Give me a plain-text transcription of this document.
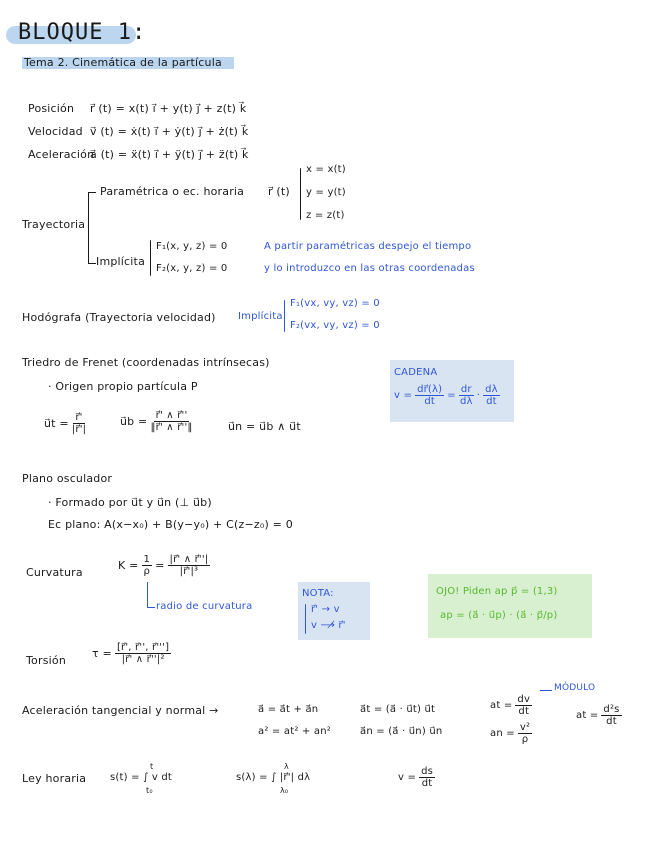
BLOQUE 1:
Tema 2. Cinemática de la partícula
Posición r⃗ (t) = x(t) i⃗ + y(t) j⃗ + z(t) k⃗
Velocidad v⃗ (t) = ẋ(t) i⃗ + ẏ(t) j⃗ + ż(t) k⃗
Aceleración
a⃗ (t) = ẍ(t) i⃗ + ÿ(t) j⃗ + z̈(t) k⃗
Trayectoria
Paramétrica o ec. horaria r⃗ (t)
x = x(t)
y = y(t)
z = z(t)
Implícita
F₁(x, y, z) = 0
F₂(x, y, z) = 0
A partir paramétricas despejo el tiempo
y lo introduzco en las otras coordenadas
Hodógrafa (Trayectoria velocidad) Implícita
F₁(vx, vy, vz) = 0
F₂(vx, vy, vz) = 0
Triedro de Frenet (coordenadas intrínsecas)
· Origen propio partícula P
u⃗t = $\frac{r⃗'}{|r⃗'|}$	u⃗b = $\frac{r⃗' \wedge r⃗''}{‖r⃗' \wedge r⃗''‖}$	u⃗n = u⃗b ∧ u⃗t
CADENA
$v = \frac{dr⃗(\lambda)}{dt} = \frac{dr}{d\lambda} \cdot \frac{d\lambda}{dt}$
Plano osculador
· Formado por u⃗t y u⃗n (⊥ u⃗b)
Ec plano: A(x−x₀) + B(y−y₀) + C(z−z₀) = 0
Curvatura
$K = \frac{1}{\rho} = \frac{|r⃗' \wedge r⃗''|}{\text{|r⃗'|³}}$
radio de curvatura
NOTA:
r⃗' → v
v ⟶̸ r⃗'
OJO! Piden ap p⃗ = (1,3)
ap = (a⃗ · u⃗p) · (a⃗ · p⃗/p)
Torsión
$\tau = \frac{[r⃗', r⃗'', r⃗''']}{\text{|r⃗' ∧ r⃗''|²}}$
Aceleración tangencial y normal →	a⃗ = a⃗t + a⃗n
a² = at² + an²
a⃗t = (a⃗ · u⃗t) u⃗t
a⃗n = (a⃗ · u⃗n) u⃗n
at = $\frac{dv}{dt}$
MÓDULO
at = $\frac{\text{d²s}}{dt}$
an = $\frac{\text{v²}}{\rho}$
Ley horaria s(t) = ∫ v dt
t
t₀
s(λ) = ∫ |r⃗'| dλ
λ
λ₀
$v = \frac{ds}{dt}$
